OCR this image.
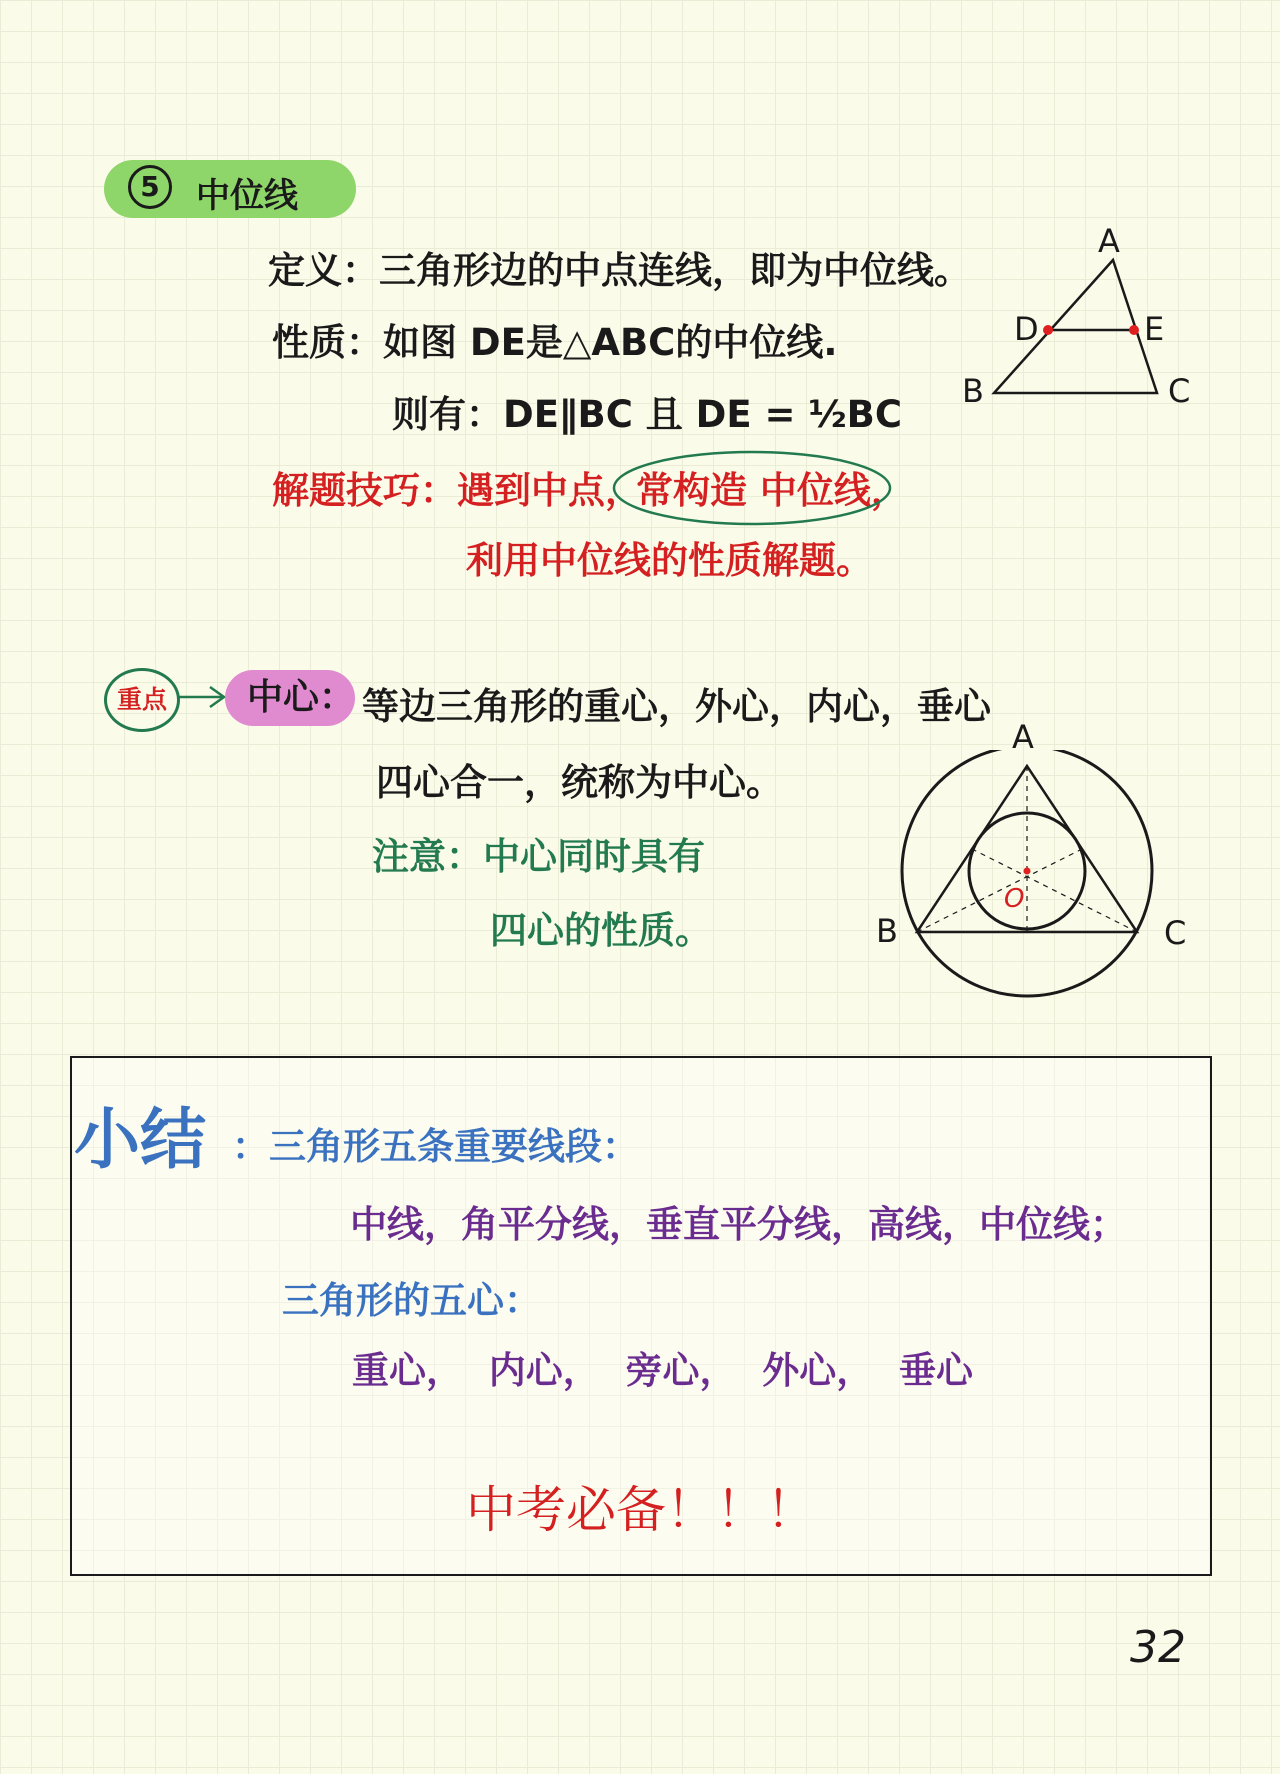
5	中位线
定义：三角形边的中点连线，即为中位线。
性质：如图 DE是△ABC的中位线.
则有：DE∥BC 且 DE = ½BC
解题技巧：遇到中点，
常构造 中位线，
利用中位线的性质解题。
A
D	E
B	C
重点	中心： 等边三角形的重心，外心，内心，垂心
四心合一，统称为中心。
注意：中心同时具有
四心的性质。
A
O
B	C
小结 ：三角形五条重要线段：
中线，角平分线，垂直平分线，高线，中位线；
三角形的五心：
重心，  内心，  旁心，  外心，  垂心
中考必备！！！
32
